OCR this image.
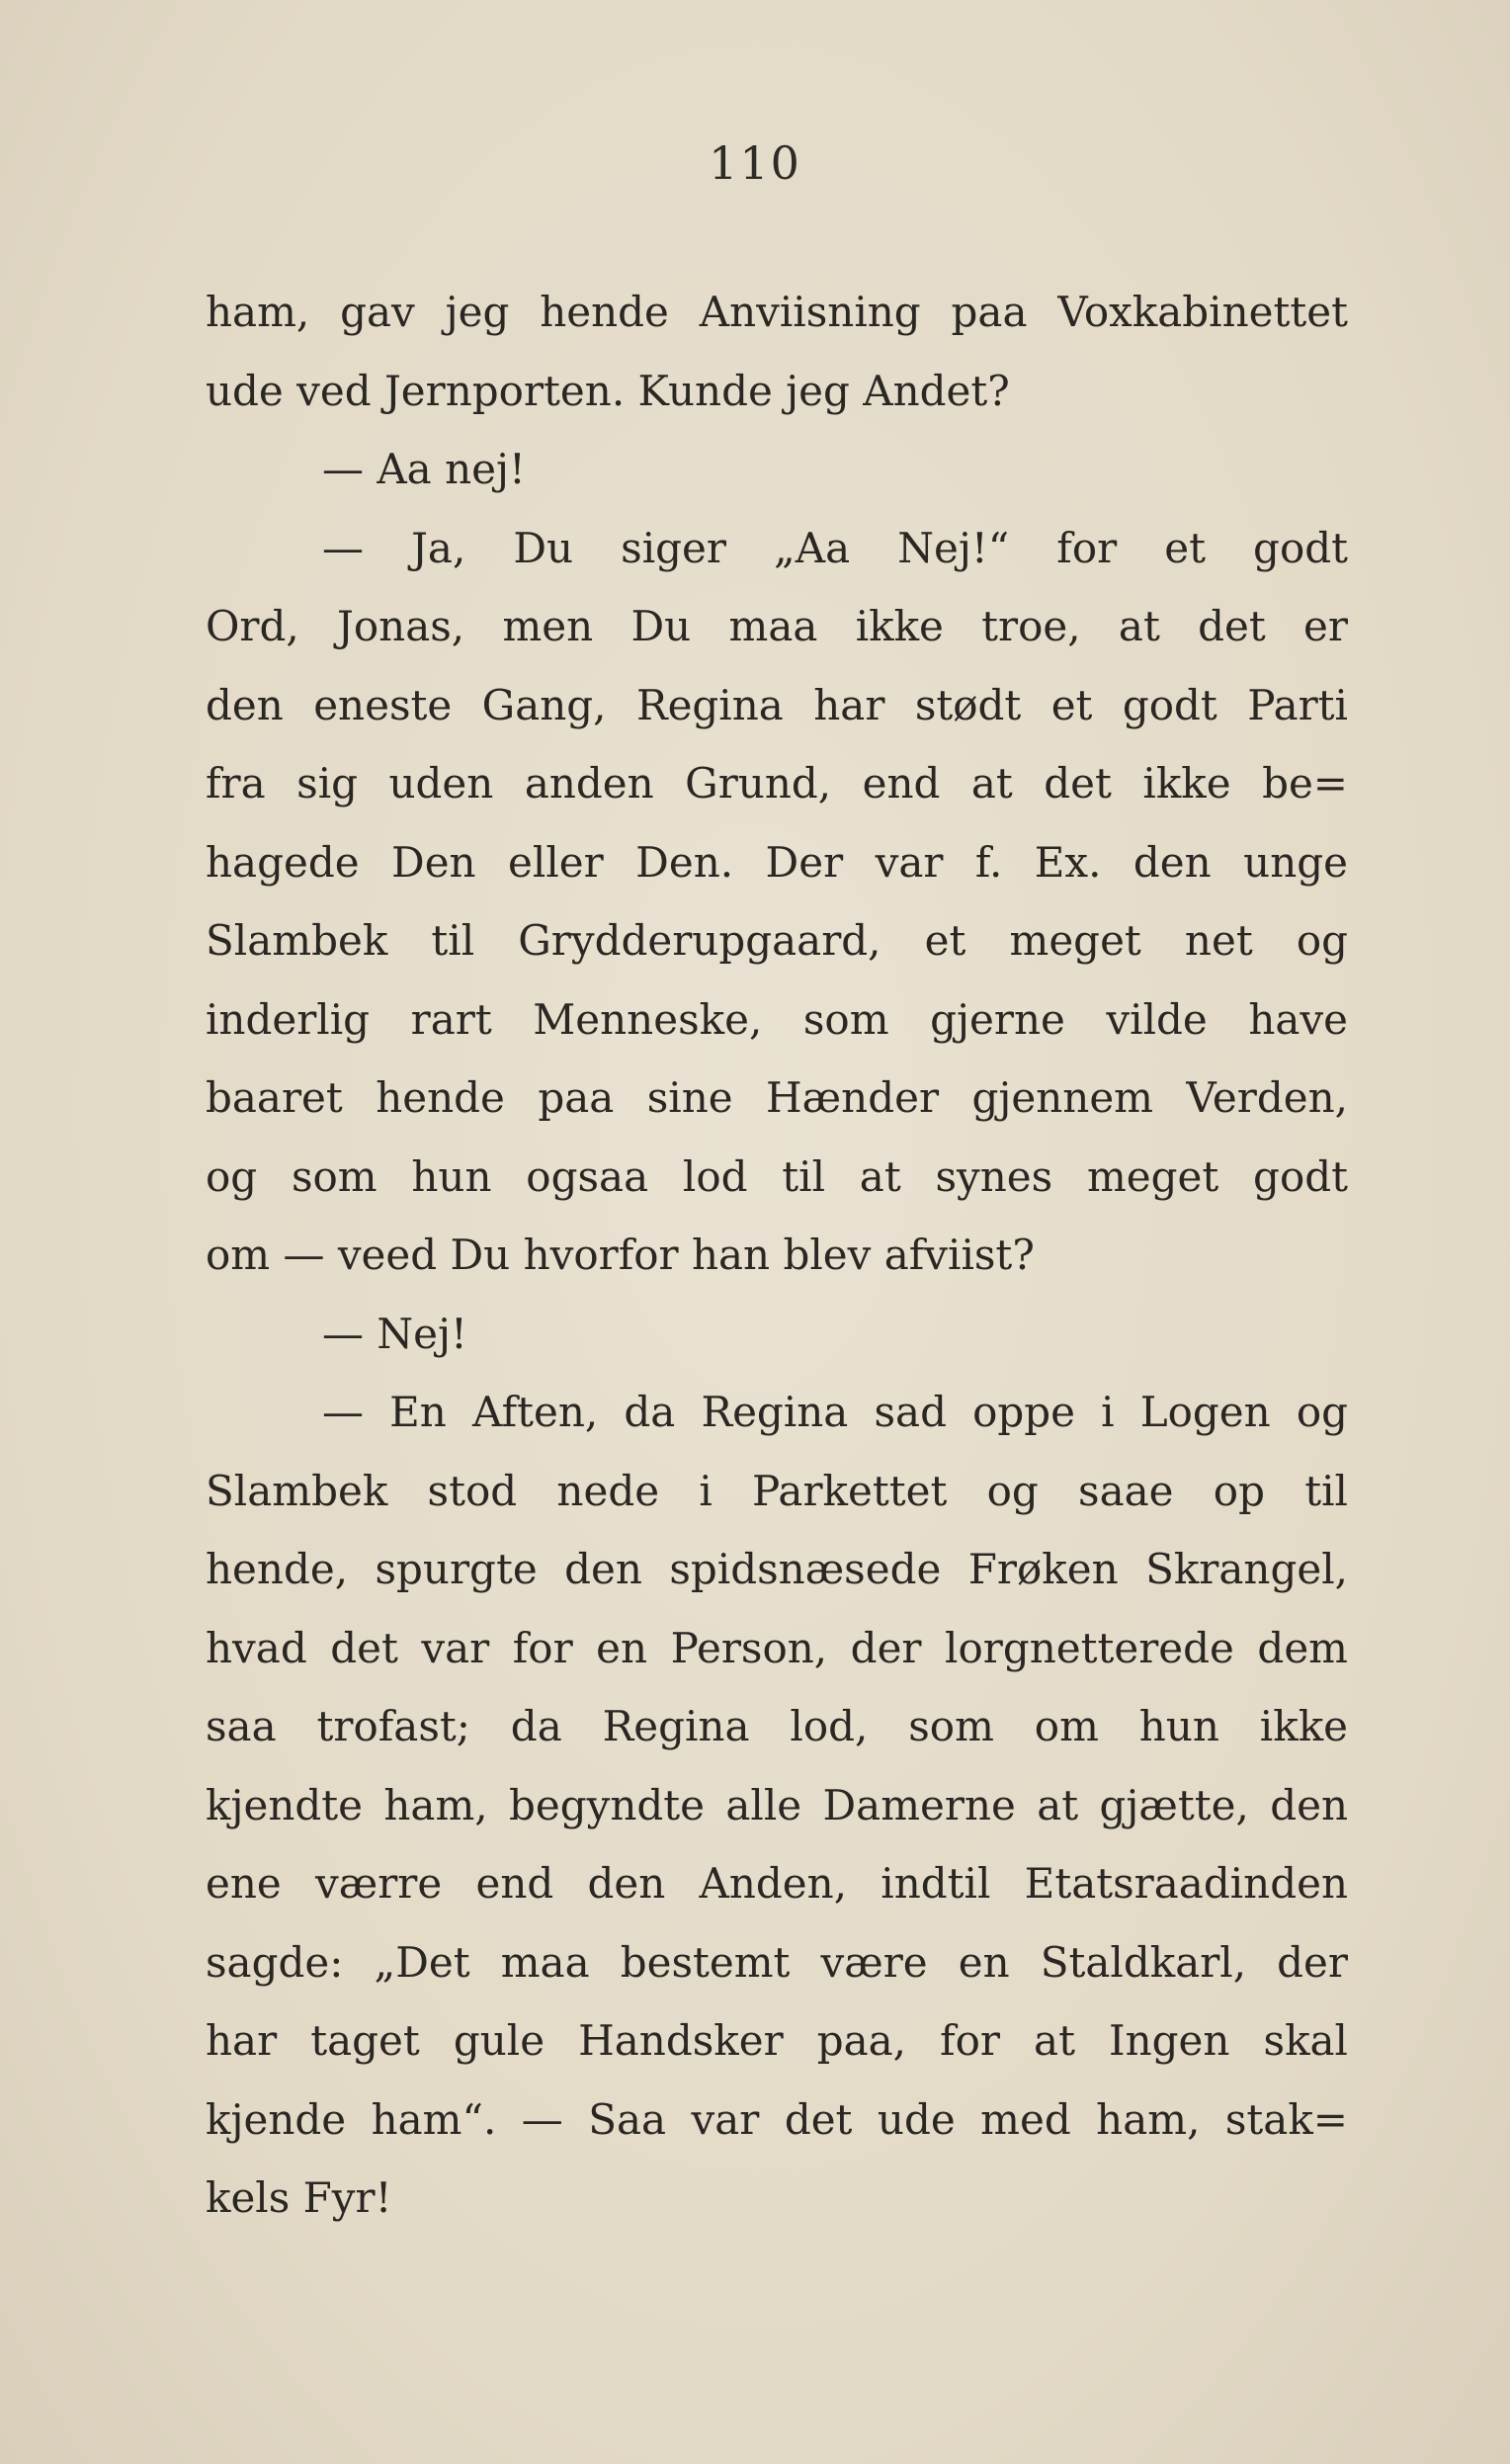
110
ham, gav jeg hende Anviisning paa Voxkabinettet
ude ved Jernporten. Kunde jeg Andet?
— Aa nej!
— Ja, Du siger „Aa Nej!“ for et godt
Ord, Jonas, men Du maa ikke troe, at det er
den eneste Gang, Regina har stødt et godt Parti
fra sig uden anden Grund, end at det ikke be=
hagede Den eller Den. Der var f. Ex. den unge
Slambek til Grydderupgaard, et meget net og
inderlig rart Menneske, som gjerne vilde have
baaret hende paa sine Hænder gjennem Verden,
og som hun ogsaa lod til at synes meget godt
om — veed Du hvorfor han blev afviist?
— Nej!
— En Aften, da Regina sad oppe i Logen og
Slambek stod nede i Parkettet og saae op til
hende, spurgte den spidsnæsede Frøken Skrangel,
hvad det var for en Person, der lorgnetterede dem
saa trofast; da Regina lod, som om hun ikke
kjendte ham, begyndte alle Damerne at gjætte, den
ene værre end den Anden, indtil Etatsraadinden
sagde: „Det maa bestemt være en Staldkarl, der
har taget gule Handsker paa, for at Ingen skal
kjende ham“. — Saa var det ude med ham, stak=
kels Fyr!
